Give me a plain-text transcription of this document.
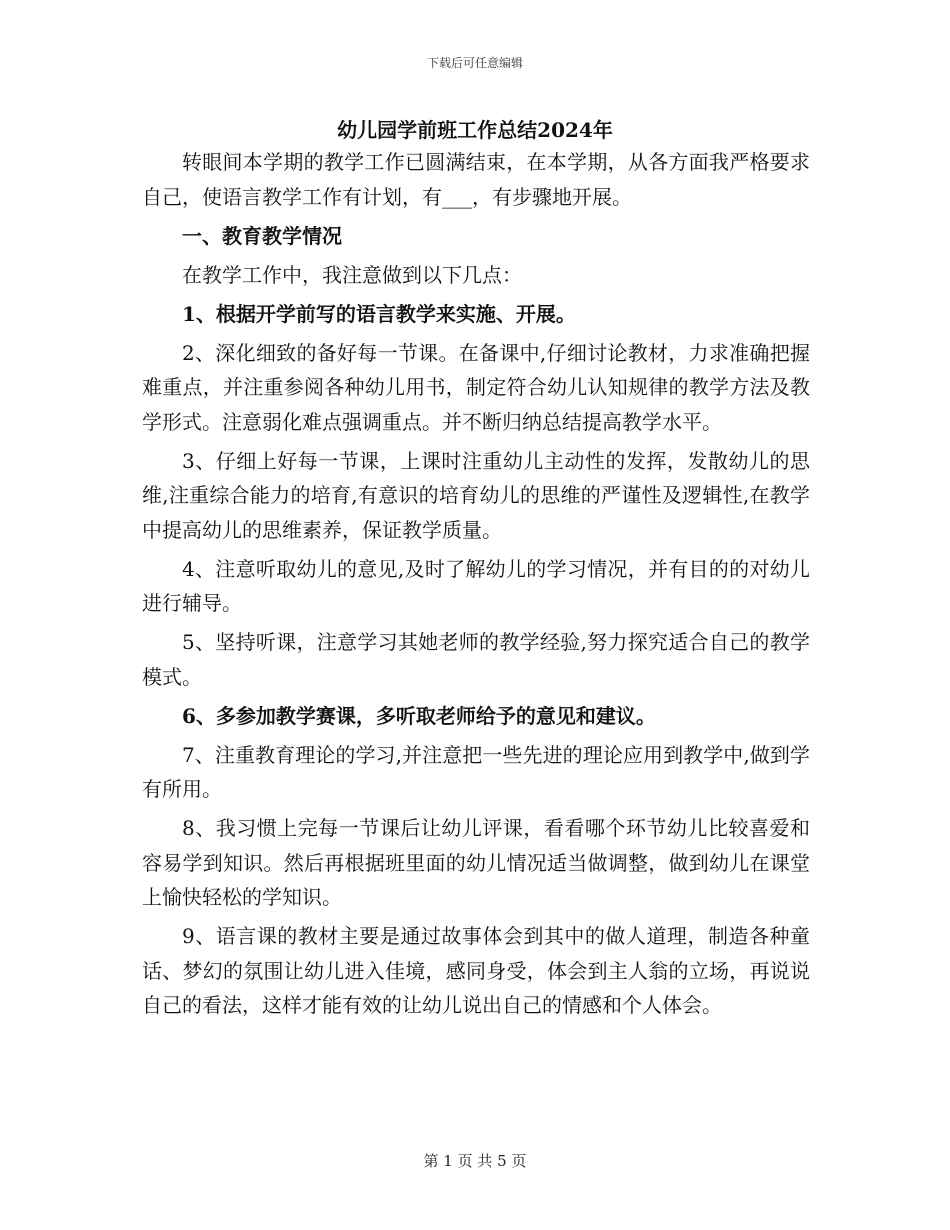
下载后可任意编辑
幼儿园学前班工作总结2024年

转眼间本学期的教学工作已圆满结束，在本学期，从各方面我严格要求自己，使语言教学工作有计划，有___，有步骤地开展。

一、教育教学情况

在教学工作中，我注意做到以下几点：

1、根据开学前写的语言教学来实施、开展。

2、深化细致的备好每一节课。在备课中,仔细讨论教材，力求准确把握难重点，并注重参阅各种幼儿用书，制定符合幼儿认知规律的教学方法及教学形式。注意弱化难点强调重点。并不断归纳总结提高教学水平。

3、仔细上好每一节课，上课时注重幼儿主动性的发挥，发散幼儿的思维,注重综合能力的培育,有意识的培育幼儿的思维的严谨性及逻辑性,在教学中提高幼儿的思维素养，保证教学质量。

4、注意听取幼儿的意见,及时了解幼儿的学习情况，并有目的的对幼儿进行辅导。

5、坚持听课，注意学习其她老师的教学经验,努力探究适合自己的教学模式。

6、多参加教学赛课，多听取老师给予的意见和建议。

7、注重教育理论的学习,并注意把一些先进的理论应用到教学中,做到学有所用。

8、我习惯上完每一节课后让幼儿评课，看看哪个环节幼儿比较喜爱和容易学到知识。然后再根据班里面的幼儿情况适当做调整，做到幼儿在课堂上愉快轻松的学知识。

9、语言课的教材主要是通过故事体会到其中的做人道理，制造各种童话、梦幻的氛围让幼儿进入佳境，感同身受，体会到主人翁的立场，再说说自己的看法，这样才能有效的让幼儿说出自己的情感和个人体会。

第 1 页 共 5 页
